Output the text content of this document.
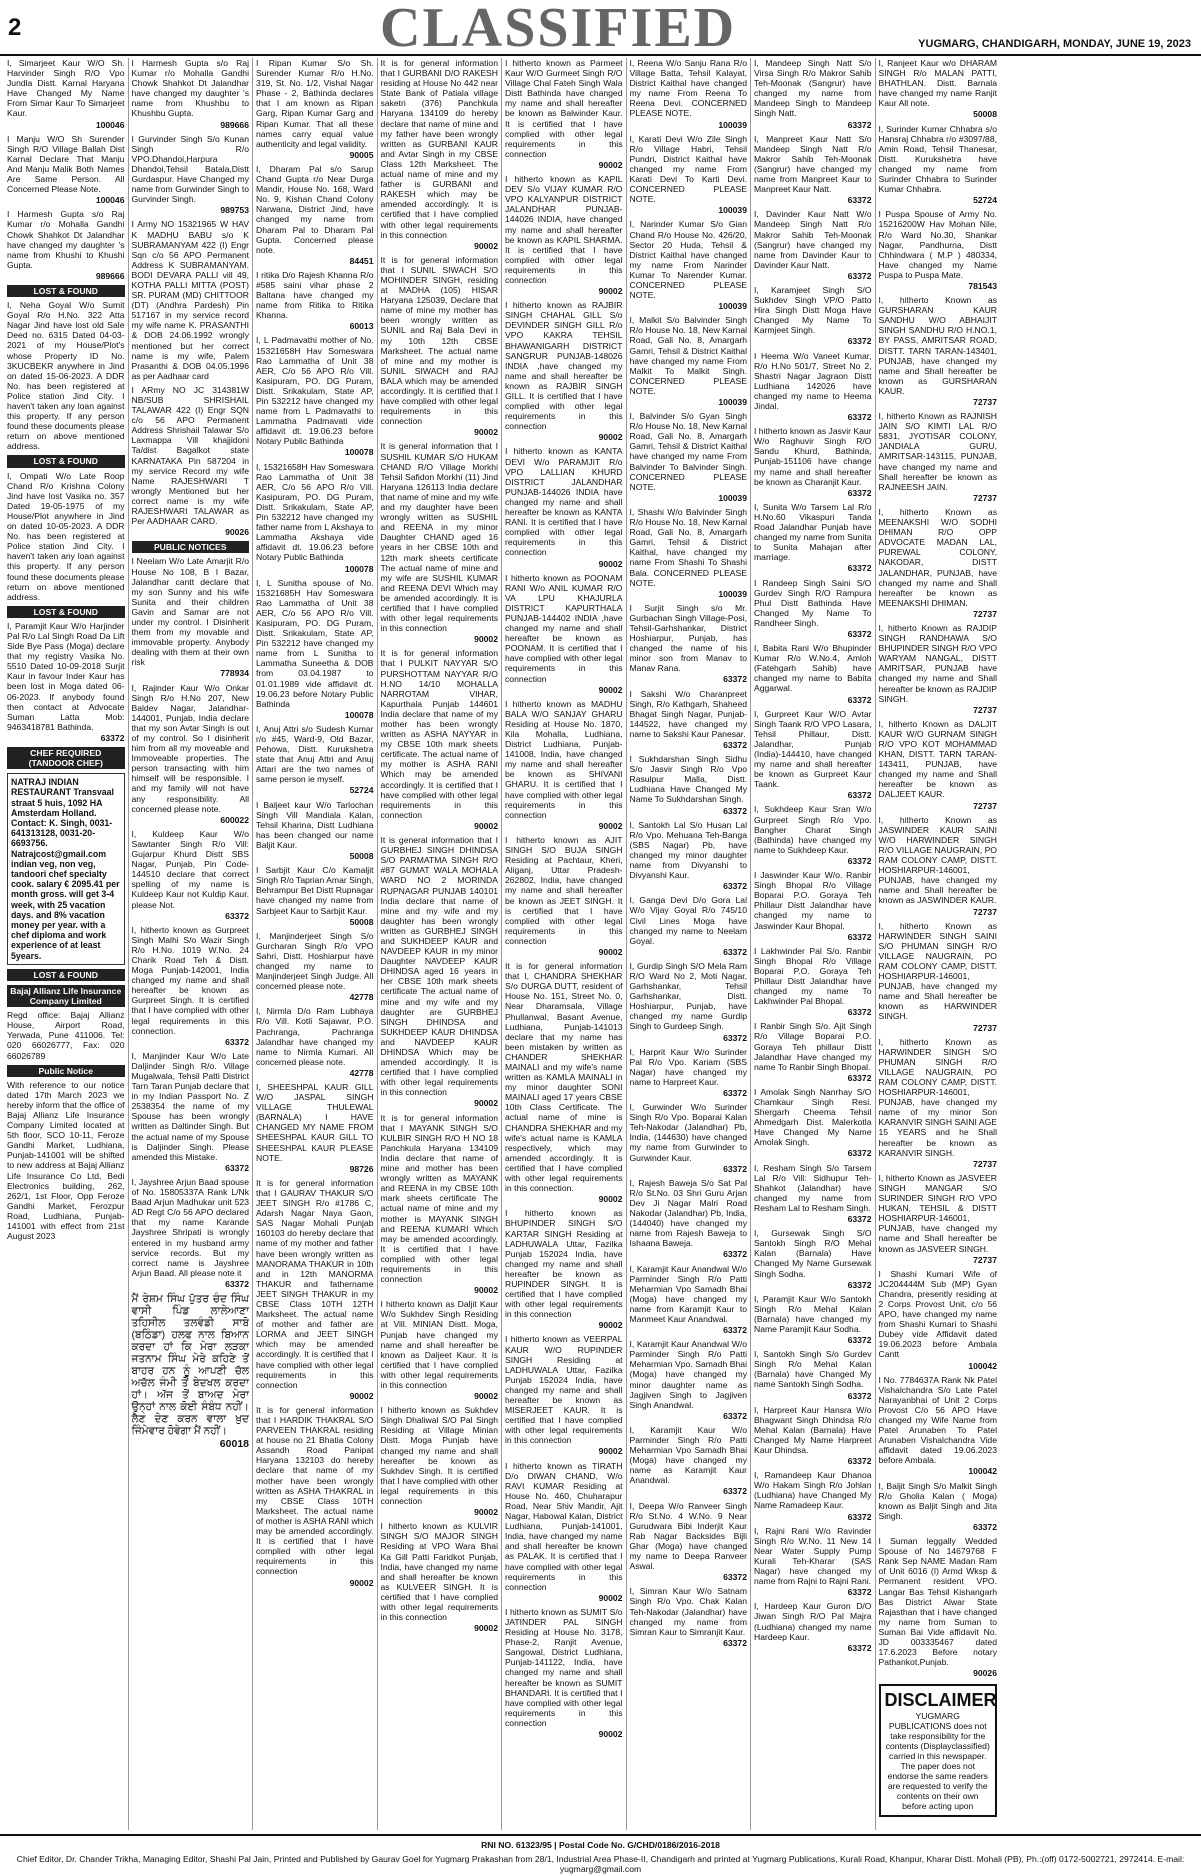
2	CLASSIFIED	YUGMARG, CHANDIGARH, MONDAY, JUNE 19, 2023
I, Simarjeet Kaur W/O Sh. Harvinder Singh R/O Vpo Jundla Distt. Karnal Haryana Have Changed My Name From Simar Kaur To Simarjeet Kaur.
100046
I Manju W/O Sh Surender Singh R/O Village Ballah Dist Karnal Declare That Manju And Manju Malik Both Names Are Same Person. All Concerned Please Note.
100046
I Harmesh Gupta s/o Raj Kumar r/o Mohalla Gandhi Chowk Shahkot Dt Jalandhar have changed my daughter 's name from Khushi to Khushi Gupta.
989666
LOST & FOUND
I, Neha Goyal W/o Sumit Goyal R/o H.No. 322 Atta Nagar Jind have lost old Sale Deed no. 6315 Dated 04-03-2021 of my House/Plot's whose Property ID No. 3KUCBEKR anywhere in Jind on dated 15-06-2023. A DDR No. has been registered at Police station Jind City. I haven't taken any loan against this property. If any person found these documents please return on above mentioned address.
LOST & FOUND
I, Ompati W/o Late Roop Chand R/o Krishna Colony Jind have lost Vasika no. 357 Dated 19-05-1975 of my House/Plot anywhere in Jind on dated 10-05-2023. A DDR No. has been registered at Police station Jind City. I haven't taken any loan against this property. If any person found these documents please return on above mentioned address.
LOST & FOUND
I, Paramjit Kaur W/o Harjinder Pal R/o Lal Singh Road Da Lift Side Bye Pass (Moga) declare that my registry Vasika No. 5510 Dated 10-09-2018 Surjit Kaur in favour Inder Kaur has been lost in Moga dated 06-06-2023. If anybody found then contact at Advocate Suman Latta Mob: 9463418781 Bathinda.
63372
CHEF REQUIRED (TANDOOR CHEF)
NATRAJ INDIAN RESTAURANT Transvaal straat 5 huis, 1092 HA Amsterdam Holland. Contact: K. Singh, 0031-641313128, 0031-20-6693756. Natrajcost@gmail.com indian veg, non veg, tandoori chef specialty cook. salary € 2095.41 per month gross. will get 3-4 week, with 25 vacation days. and 8% vacation money per year. with a chef diploma and work experience of at least 5years.
LOST & FOUND
Bajaj Allianz Life Insurance Company Limited
Regd office: Bajaj Allianz House, Airport Road, Yerwada, Pune 411006. Tel: 020 66026777, Fax: 020 66026789
Public Notice
With reference to our notice dated 17th March 2023 we hereby inform that the office of Bajaj Allianz Life Insurance Company Limited located at 5th floor, SCO 10-11, Feroze Gandhi Market, Ludhiana, Punjab-141001 will be shifted to new address at Bajaj Allianz Life Insurance Co Ltd, Bedi Electronics building, 262, 262/1, 1st Floor, Opp Feroze Gandhi Market, Ferozpur Road, Ludhiana, Punjab-141001 with effect from 21st August 2023
I Harmesh Gupta s/o Raj Kumar r/o Mohalla Gandhi Chowk Shahkot Dt Jalandhar have changed my daughter 's name from Khushbu to Khushbu Gupta.
989666
I Gurvinder Singh S/o Kunan Singh R/o VPO.Dhandoi,Harpura Dhandoi,Tehsil Batala,Distt Gurdaspur. Have Changed my name from Gurwinder Singh to Gurvinder Singh.
989753
I Army NO 15321965 W HAV K MADHU BABU s/o K SUBRAMANYAM 422 (I) Engr Sqn c/o 56 APO Permanent Address K SUBRAMANYAM. BODI DEVARA PALLI vill 49, KOTHA PALLI MITTA (POST) SR. PURAM (MD) CHITTOOR (DT) (Andhra Pardesh) Pin 517167 in my service record my wife name K. PRASANTHI & DOB 24.06.1992 wrongly mentioned but her correct name is my wife, Palem Prasanthi & DOB 04.05.1996 as per Aadhaar card
I ARmy NO JC 314381W NB/SUB SHRISHAIL TALAWAR 422 (I) Engr SQN c/o 56 APO Permanent Address Shrishail Talawar S/o Laxmappa Vill khajjidoni Ta/dist Bagalkot state KARNATAKA Pin 587204 in my service Record my wife Name RAJESHWARI T wrongly Mentioned but her correct name is my wife RAJESHWARI TALAWAR as Per AADHAAR CARD.
90026
PUBLIC NOTICES
I Neelam W/o Late Amarjit R/o House No 108, B I Bazar, Jalandhar cantt declare that my son Sunny and his wife Sunita and their children Gavin and Samar are not under my control. I Disinherit them from my movable and immovable property. Anybody dealing with them at their own risk
778934
I, Rajinder Kaur W/o Onkar Singh R/o H.No 207, New Baldev Nagar, Jalandhar-144001, Punjab, India declare that my son Avtar Singh is out of my control. So I disinherit him from all my moveable and Immoveable properties. The person transacting with him himself will be responsible. I and my family will not have any responsibility. All concerned please note.
600022
I, Kuldeep Kaur W/o Sawtanter Singh R/o Vill: Gujarpur Khurd Distt SBS Nagar, Punjab, Pin Code-144510 declare that correct spelling of my name is Kuldeep Kaur not Kuldip Kaur. please Not.
63372
I, hitherto known as Gurpreet Singh Malhi S/o Wazir Singh R/o H.No. 1019 W.No. 24 Charik Road Teh & Distt. Moga Punjab-142001, India changed my name and shall hereafter be known as Gurpreet Singh. It is certified that I have complied with other legal requirements in this connection.
63372
I, Manjinder Kaur W/o Late Daljinder Singh R/o. Village Mugalwala, Tehsil Patti District Tarn Taran Punjab declare that in my Indian Passport No. Z 2538354 the name of my Spouse has been wrongly written as Daltinder Singh. But the actual name of my Spouse is Daljinder Singh. Please amended this Mistake.
63372
I, Jayshree Arjun Baad spouse of No. 15805337A Rank L/Nk Baad Arjun Madhukar unit 523 AD Regt C/o 56 APO declared that my name Karande Jayshree Shripati is wrongly entered in my husband army service records. But my correct name is Jayshree Arjun Baad. All please note it
63372
ਮੈਂ ਰੇਸ਼ਮ ਸਿੰਘ ਪੁੱਤਰ ਚੰਦ ਸਿੰਘ ਵਾਸੀ ਪਿੰਡ ਲਾਲੇਆਣਾ ਤਹਿਸੀਲ ਤਲਵੰਡੀ ਸਾਬੋ (ਬਠਿੰਡਾ) ਹਲਫ ਨਾਲ ਬਿਆਨ ਕਰਦਾ ਹਾਂ ਕਿ ਮੇਰਾ ਲੜਕਾ ਜਤਨਾਮ ਸਿੰਘ ਮੇਰੇ ਕਹਿਣੇ ਤੋਂ ਬਾਹਰ ਹਨ ਨੂੰ ਆਪਣੀ ਚੱਲ ਅਚੱਲ ਜੰਮੀ ਤੋਂ ਬੇਦਖਲ ਕਰਦਾ ਹਾਂ। ਅੱਜ ਤੋਂ ਬਾਅਦ ਮੇਰਾ ਉਨ੍ਹਾਂ ਨਾਲ ਕੋਈ ਸੰਬੰਧ ਨਹੀਂ। ਲੈਣ ਦੇਣ ਕਰਨ ਵਾਲਾ ਖ਼ੁਦ ਜਿੰਮੇਵਾਰ ਹੋਵੇਗਾ ਮੈਂ ਨਹੀਂ।
60018
I Ripan Kumar S/o Sh. Surender Kumar R/o H.No. 319, St. No. 1/2, Vishal Nagar Phase - 2, Bathinda declares that I am known as Ripan Garg, Ripan Kumar Garg and Ripan Kumar. That all these names carry equal value authenticity and legal validity.
90005
I, Dharam Pal s/o Sarup Chand Gupta r/o Near Durga Mandir, House No. 168, Ward No. 9, Kishan Chand Colony Narwana, District Jind, have changed my name from Dharam Pal to Dharam Pal Gupta. Concerned please note.
84451
I ritika D/o Rajesh Khanna R/o #585 saini vihar phase 2 Baltana have changed my name from Ritika to Ritika Khanna.
60013
I, L Padmavathi mother of No. 15321658H Hav Someswara Rao Lammatha of Unit 38 AER, C/o 56 APO R/o Vill. Kasipuram, PO. DG Puram, Distt. Srikakulam, State AP, Pin 532212 have changed my name from L Padmavathi to Lammatha Padmavati vide affidavit dt. 19.06.23 before Notary Public Bathinda
100078
I, 15321658H Hav Someswara Rao Lammatha of Unit 38 AER, C/o 56 APO R/o Vill. Kasipuram, PO. DG Puram, Distt. Srikakulam, State AP, Pin 532212 have changed my father name from L Akshaya to Lammatha Akshaya vide affidavit dt. 19.06.23 before Notary Public Bathinda
100078
I, L Sunitha spouse of No. 15321685H Hav Someswara Rao Lammatha of Unit 38 AER, C/o 56 APO R/o Vill. Kasipuram, PO. DG Puram, Distt. Srikakulam, State AP, Pin 532212 have changed my name from L Sunitha to Lammatha Suneetha & DOB from 03.04.1987 to 01.01.1989 vide affidavit dt. 19.06.23 before Notary Public Bathinda
100078
I, Anuj Attri s/o Sudesh Kumar r/o #45, Ward-9, Old Bazar, Pehowa, Distt. Kurukshetra state that Anuj Attri and Anuj Attari are the two names of same person ie myself.
52724
I Baljeet kaur W/o Tarlochan Singh Vill Mandiala Kalan, Tehsil Kharina, Distt Ludhiana has been changed our name Baljit Kaur.
50008
I Sarbjit Kaur C/o Kamaljit Singh R/o Taprian Amar Singh, Behrampur Bet Distt Rupnagar have changed my name from Sarbjeet Kaur to Sarbjit Kaur.
50008
I, Manjinderjeet Singh S/o Gurcharan Singh R/o VPO Sahri, Distt. Hoshiarpur have changed my name to Manjinderjeet Singh Judge. All concerned please note.
42778
I, Nirmla D/o Ram Lubhaya R/o Vill. Kotli Sajawar, P.O. Pachranga, Pachranga Jalandhar have changed my name to Nirmla Kumari. All concerned please note.
42778
I, SHEESHPAL KAUR GILL W/O JASPAL SINGH VILLAGE THULEWAL (BARNALA) I HAVE CHANGED MY NAME FROM SHEESHPAL KAUR GILL TO SHEESHPAL KAUR PLEASE NOTE.
98726
It is for general information that I GAURAV THAKUR S/O JEET SINGH R/o #1786 C, Adarsh Nagar Naya Gaon, SAS Nagar Mohali Punjab 160103 do hereby declare that name of my mother and father have been wrongly written as MANORAMA THAKUR in 10th and in 12th MANORMA THAKUR and fathername JEET SINGH THAKUR in my CBSE Class 10TH 12TH Marksheet. The actual name of mother and father are LORMA and JEET SINGH which may be amended accordingly. It is certified that I have complied with other legal requirements in this connection
90002
It is for general information that I HARDIK THAKRAL S/O PARVEEN THAKRAL residing at house no 21 Bhatia Colony Assandh Road Panipat Haryana 132103 do hereby declare that name of my mother have been wrongly written as ASHA THAKRAL in my CBSE Class 10TH Marksheet. The actual name of mother is ASHA RANI which may be amended accordingly. It is certified that I have complied with other legal requirements in this connection
90002
It is for general information that I GURBANI D/O RAKESH residing at House No 442 near State Bank of Patiala village saketri (376) Panchkula Haryana 134109 do hereby declare that name of mine and my father have been wrongly written as GURBANI KAUR and Avtar Singh in my CBSE Class 12th Marksheet. The actual name of mine and my father is GURBANI and RAKESH which may be amended accordingly. It is certified that I have complied with other legal requirements in this connection
90002
It is for general information that I SUNIL SIWACH S/O MOHINDER SINGH, residing at MADHA (105) HISAR Haryana 125039, Declare that name of mine my mother has been wrongly written as SUNIL and Raj Bala Devi in my 10th 12th CBSE Marksheet. The actual name of mine and my mother is SUNIL SIWACH and RAJ BALA which may be amended accordingly. It is certified that I have complied with other legal requirements in this connection
90002
It is general information that I SUSHIL KUMAR S/O HUKAM CHAND R/O Village Morkhi Tehsil Safidon Morkhi (11) Jind Haryana 126113 India declare that name of mine and my wife and my daughter have been wrongly written as SUSHIL and REENA in my minor Daughter CHAND aged 16 years in her CBSE 10th and 12th mark sheets certificate The actual name of mine and my wife are SUSHIL KUMAR and REENA DEVI Which may be amended accordingly. It is certified that I have complied with other legal requirements in this connection
90002
It is for general information that I PULKIT NAYYAR S/O PURSHOTTAM NAYYAR R/O H.NO 14/10 MOHALLA NARROTAM VIHAR, Kapurthala Punjab 144601 India declare that name of my mother has been wrongly written as ASHA NAYYAR in my CBSE 10th mark sheets certificate. The actual name of my mother is ASHA RANI Which may be amended accordingly. It is certified that I have complied with other legal requirements in this connection
90002
It is general information that I GURBHEJ SINGH DHINDSA S/O PARMATMA SINGH R/O #87 GUMAT WALA MOHALA WARD NO 2 MORINDA RUPNAGAR PUNJAB 140101 India declare that name of mine and my wife and my daughter has been wrongly written as GURBHEJ SINGH and SUKHDEEP KAUR and NAVDEEP KAUR in my minor Daughter NAVDEEP KAUR DHINDSA aged 16 years in her CBSE 10th mark sheets certificate The actual name of mine and my wife and my daughter are GURBHEJ SINGH DHINDSA and SUKHDEEP KAUR DHINDSA and NAVDEEP KAUR DHINDSA Which may be amended accordingly. It is certified that I have complied with other legal requirements in this connection
90002
It is for general information that I MAYANK SINGH S/O KULBIR SINGH R/O H NO 18 Panchkula Haryana 134109 India declare that name of mine and mother has been wrongly written as MAYANK and REENA in my CBSE 10th mark sheets certificate The actual name of mine and my mother is MAYANK SINGH and REENA KUMARI Which may be amended accordingly. It is certified that I have complied with other legal requirements in this connection
90002
I hitherto known as Daljit Kaur W/o Sukhdev Singh Residing at Vill. MINIAN Distt. Moga, Punjab have changed my name and shall hereafter be known as Daljeet Kaur. It is certified that I have complied with other legal requirements in this connection
90002
I hitherto known as Sukhdev Singh Dhaliwal S/O Pal Singh Residing at Village Minian Distt. Moga Punjab have changed my name and shall hereafter be known as Sukhdev Singh. It is certified that I have complied with other legal requirements in this connection
90002
I hitherto known as KULVIR SINGH S/O MAJOR SINGH Residing at VPO Wara Bhai Ka Gill Patti Faridkot Punjab, India, have changed my name and shall hereafter be known as KULVEER SINGH. It is certified that I have complied with other legal requirements in this connection
90002
I hitherto known as Parmeet Kaur W/O Gurmeet Singh R/O Village Chal Fateh Singh Wala Distt Bathinda have changed my name and shall hereafter be known as Balwinder Kaur. It is certified that I have complied with other legal requirements in this connection
90002
I hitherto known as KAPIL DEV S/o VIJAY KUMAR R/O VPO KALYANPUR DISTRICT JALANDHAR PUNJAB-144026 INDIA, have changed my name and shall hereafter be known as KAPIL SHARMA. It is certified that I have complied with other legal requirements in this connection
90002
I hitherto known as RAJBIR SINGH CHAHAL GILL S/o DEVINDER SINGH GILL R/o VPO KAKRA TEHSIL BHAWANIGARH DISTRICT SANGRUR PUNJAB-148026 INDIA ,have changed my name and shall hereafter be known as RAJBIR SINGH GILL. It is certified that I have complied with other legal requirements in this connection
90002
I hitherto known as KANTA DEVI W/o PARAMJIT R/o VPO LALLIAN KHURD DISTRICT JALANDHAR PUNJAB-144026 INDIA have changed my name and shall hereafter be known as KANTA RANI. It is certified that I have complied with other legal requirements in this connection
90002
I hitherto known as POONAM RANI W/o ANIL KUMAR R/O VA LPU KHAJURLA DISTRICT KAPURTHALA PUNJAB-144402 INDIA ,have changed my name and shall hereafter be known as POONAM. It is certified that I have complied with other legal requirements in this connection
90002
I hitherto known as MADHU BALA W/O SANJAY GHARU Residing at House No. 1870, Kila Mohalla, Ludhiana, District Ludhiana, Punjab-141008, India, have changed my name and shall hereafter be known as SHIVANI GHARU. It is certified that I have complied with other legal requirements in this connection
90002
I hitherto known as AJIT SINGH S/O BUJA SINGH Residing at Pachtaur, Kheri, Aliganj, Uttar Pradesh-262802, India, have changed my name and shall hereafter be known as JEET SINGH. It is certified that I have complied with other legal requirements in this connection
90002
It is for general information that I, CHANDRA SHEKHAR S/o DURGA DUTT, resident of House No. 151, Street No. 0, Near Dharamsala, Village Phullanwal, Basant Avenue, Ludhiana, Punjab-141013 declare that my name has been mistaken by written as CHANDER SHEKHAR MAINALI and my wife's name written as KAMLA MAINALI in my minor daughter SONI MAINALI aged 17 years CBSE 10th Class Certificate. The actual name of mine is CHANDRA SHEKHAR and my wife's actual name is KAMLA respectively, which may amended accordingly. It is certified that I have complied with other legal requirements in this connection.
90002
I hitherto known as BHUPINDER SINGH S/O KARTAR SINGH Residing at LADHUWALA Uttar, Fazilka Punjab 152024 India, have changed my name and shall hereafter be known as RUPINDER SINGH. It is certified that I have complied with other legal requirements in this connection
90002
I hitherto known as VEERPAL KAUR W/O RUPINDER SINGH Residing at LADHUWALA Uttar, Fazilka Punjab 152024 India, have changed my name and shall hereafter be known as MISERJEET KAUR. It is certified that I have complied with other legal requirements in this connection
90002
I hitherto known as TIRATH D/o DIWAN CHAND, W/o RAVI KUMAR Residing at House No. 460, Chuharapur Road, Near Shiv Mandir, Ajit Nagar, Habowal Kalan, District Ludhiana, Punjab-141001, India, have changed my name and shall hereafter be known as PALAK. It is certified that I have complied with other legal requirements in this connection
90002
I hitherto known as SUMIT S/o JATINDER PAL SINGH Residing at House No. 3178, Phase-2, Ranjit Avenue, Sangowal, District Ludhiana, Punjab-141122, India, have changed my name and shall hereafter be known as SUMIT BHANDARI. It is certified that I have complied with other legal requirements in this connection
90002
I, Reena W/o Sanju Rana R/o Village Batta, Tehsil Kalayat, District Kaithal have changed my name From Reena To Reena Devi. CONCERNED PLEASE NOTE.
100039
I, Karati Devi W/o Zile Singh R/o Village Habri, Tehsil Pundri, District Kaithal have changed my name From Karati Devi To Karti Devi. CONCERNED PLEASE NOTE.
100039
I, Narinder Kumar S/o Gian Chand R/o House No. 426/20, Sector 20 Huda, Tehsil & District Kaithal have changed my name From Narinder Kumar To Narender Kumar. CONCERNED PLEASE NOTE.
100039
I, Malkit S/o Balvinder Singh R/o House No. 18, New Karnal Road, Gali No. 8, Amargarh Gamri, Tehsil & District Kaithal have changed my name From Malkit To Malkit Singh. CONCERNED PLEASE NOTE.
100039
I, Balvinder S/o Gyan Singh R/o House No. 18, New Karnal Road, Gali No. 8, Amargarh Gamri, Tehsil & District Kaithal have changed my name From Balvinder To Balvinder Singh. CONCERNED PLEASE NOTE.
100039
I, Shashi W/o Balvinder Singh R/o House No. 18, New Karnal Road, Gali No. 8, Amargarh Gamri, Tehsil & District Kaithal, have changed my name From Shashi To Shashi Bala. CONCERNED PLEASE NOTE.
100039
I Surjit Singh s/o Mr. Gurbachan Singh Village-Posi, Tehsil-Garhshankar, District Hoshiarpur, Punjab, has changed the name of his minor son from Manav to Manav Rana.
63372
I Sakshi W/o Charanpreet Singh, R/o Kathgarh, Shaheed Bhagat Singh Nagar, Punjab-144522, have changed my name to Sakshi Kaur Panesar.
63372
I Sukhdarshan Singh Sidhu S/o Jasvir Singh R/o Vpo Rasulpur Malla, Distt. Ludhiana Have Changed My Name To Sukhdarshan Singh.
63372
I, Santokh Lal S/o Husan Lal R/o Vpo. Mehuana Teh-Banga (SBS Nagar) Pb, have changed my minor daughter name from Divyanshi to Divyanshi Kaur.
63372
I, Ganga Devi D/o Gora Lal W/o Vijay Goyal R/o 745/10 Civil Lines Moga have changed my name to Neelam Goyal.
63372
I, Gurdip Singh S/O Mela Ram R/O Ward No 2, Moti Nagar, Garhshankar, Tehsil Garhshankar, Distt. Hoshiarpur, Punjab, have changed my name Gurdip Singh to Gurdeep Singh.
63372
I, Harprit Kaur W/o Surinder Pal R/o Vpo. Kariam (SBS Nagar) have changed my name to Harpreet Kaur.
63372
I, Gurwinder W/o Surinder Singh R/o Vpo. Boparai Kalan Teh-Nakodar (Jalandhar) Pb, India, (144630) have changed my name from Gurwinder to Gurwinder Kaur.
63372
I, Rajesh Baweja S/o Sat Pal R/o St.No. 03 Shri Guru Arjan Dev Ji Nagar Malri Road Nakodar (Jalandhar) Pb, India, (144040) have changed my name from Rajesh Baweja to Ishaana Baweja.
63372
I, Karamjit Kaur Anandwal W/o Parminder Singh R/o Patti Meharmian Vpo Samadh Bhai (Moga) have changed my name from Karamjit Kaur to Manmeet Kaur Anandwal.
63372
I, Karamjit Kaur Anandwal W/o Parminder Singh R/o Patti Meharmian Vpo. Samadh Bhai (Moga) have changed my minor daughter name as Jagjiven Singh to Jagjiven Singh Anandwal.
63372
I, Karamjit Kaur W/o Parminder Singh R/o Patti Meharmian Vpo Samadh Bhai (Moga) have changed my name as Karamjit Kaur Anandwal.
63372
I, Deepa W/o Ranveer Singh R/o St.No. 4 W.No. 9 Near Gurudwara Bibi Inderjit Kaur Rab Nagar Backsides Bijli Ghar (Moga) have changed my name to Deepa Ranveer Aswal.
63372
I, Simran Kaur W/o Satnam Singh R/o Vpo. Chak Kalan Teh-Nakodar (Jalandhar) have changed my name from Simran Kaur to Simranjit Kaur.
63372
I, Mandeep Singh Natt S/o Virsa Singh R/o Makror Sahib Teh-Moonak (Sangrur) have changed my name from Mandeep Singh to Mandeep Singh Natt.
63372
I, Manpreet Kaur Natt S/o Mandeep Singh Natt R/o Makror Sahib Teh-Moonak (Sangrur) have changed my name from Manpreet Kaur to Manpreet Kaur Natt.
63372
I, Davinder Kaur Natt W/o Mandeep Singh Natt R/o Makror Sahib Teh-Moonak (Sangrur) have changed my name from Davinder Kaur to Davinder Kaur Natt.
63372
I, Karamjeet Singh S/O Sukhdev Singh VP/O Patto Hira Singh Distt Moga Have Changed My Name To Karmjeet Singh.
63372
I Heema W/o Vaneet Kumar, R/o H.No 501/7, Street No 2, Shastri Nagar Jagraon Distt Ludhiana 142026 have changed my name to Heema Jindal.
63372
I hitherto known as Jasvir Kaur W/o Raghuvir Singh R/O Sandu Khurd, Bathinda, Punjab-151106 have change my name and shall hereafter be known as Charanjit Kaur.
63372
I, Sunita W/o Tarsem Lal R/o H.No.60 Vikaspuri Tanda Road Jalandhar Punjab have changed my name from Sunita to Sunita Mahajan after marriage.
63372
I Randeep Singh Saini S/O Gurdev Singh R/O Rampura Phul Distt Bathinda Have Changed My Name To Randheer Singh.
63372
I, Babita Rani W/o Bhupinder Kumar R/o W.No.4, Amloh (Fatehgarh Sahib) have changed my name to Babita Aggarwal.
63372
I, Gurpreet Kaur W/O Avtar Singh Taank R/O VPO Lasara, Tehsil Phillaur, Distt. Jalandhar, Punjab (India)-144410, have changed my name and shall hereafter be known as Gurpreet Kaur Taank.
63372
I, Sukhdeep Kaur Sran W/o Gurpreet Singh R/o Vpo. Bangher Charat Singh (Bathinda) have changed my name to Sukhdeep Kaur.
63372
I Jaswinder Kaur W/o. Ranbir Singh Bhopal R/o Village Boparai P.O. Goraya Teh Phillaur Distt Jalandhar have changed my name to Jaswinder Kaur Bhopal.
63372
I Lakhwinder Pal S/o. Ranbir Singh Bhopal R/o Village Boparai P.O. Goraya Teh Phillaur Distt Jalandhar have changed my name To Lakhwinder Pal Bhopal.
63372
I Ranbir Singh S/o. Ajit Singh R/o Village Boparai P.O. Goraya Teh phillaur Distt Jalandhar Have changed my name To Ranbir Singh Bhopal.
63372
I Amolak Singh Nanrhay S/O Chamkaur Singh Resi. Shergarh Cheema Tehsil Ahmedgarh Dist. Malerkotla Have Changed My Name Amolak Singh.
63372
I, Resham Singh S/o Tarsem Lal R/o Vill: Sidhupur Teh-Shahkot (Jalandhar) have changed my name from Resham Lal to Resham Singh.
63372
I, Gursewak Singh S/O Santokh Singh R/O Mehal Kalan (Barnala) Have Changed My Name Gursewak Singh Sodha.
63372
I, Paramjit Kaur W/o Santokh Singh R/o Mehal Kalan (Barnala) have changed my Name Paramjit Kaur Sodha.
63372
I, Santokh Singh S/o Gurdev Singh R/o Mehal Kalan (Barnala) have Changed My name Santokh Singh Sodha.
63372
I, Harpreet Kaur Hansra W/o Bhagwant Singh Dhindsa R/o Mehal Kalan (Barnala) Have Changed My Name Harpreet Kaur Dhindsa.
63372
I, Ramandeep Kaur Dhanoa W/o Hakam Singh R/o Johlan (Ludhiana) have Changed My Name Ramadeep Kaur.
63372
I, Rajni Rani W/o Ravinder Singh R/o W.No. 11 New 14 Near Water Supply Pump Kurali Teh-Kharar (SAS Nagar) have changed my name from Rajni to Rajni Rani.
63372
I, Hardeep Kaur Guron D/O Jiwan Singh R/O Pal Majra (Ludhiana) changed my name Hardeep Kaur.
63372
I, Ranjeet Kaur w/o DHARAM SINGH R/o MALAN PATTI, BHATHLAN. Distt. Barnala have changed my name Ranjit Kaur All note.
50008
I, Surinder Kumar Chhabra s/o Hansraj Chhabra r/o #3097/88, Amin Road, Tehsil Thanesar, Distt. Kurukshetra have changed my name from Surinder Chhabra to Surinder Kumar Chhabra.
52724
I Puspa Spouse of Army No. 15216200W Hav Mohan Nile, R/o Ward No.30, Shankar Nagar, Pandhurna, Distt Chhindwara ( M.P ) 480334, Have changed my Name Puspa to Puspa Mate.
781543
I, hitherto Known as GURSHARAN KAUR SANDHU W/O ABHAIJIT SINGH SANDHU R/O H.NO.1, BY PASS, AMRITSAR ROAD, DISTT. TARN TARAN-143401, PUNJAB, have changed my name and Shall hereafter be known as GURSHARAN KAUR.
72737
I, hitherto Known as RAJNISH JAIN S/O KIMTI LAL R/O 5831, JYOTISAR COLONY, JANDIALA GURU, AMRITSAR-143115, PUNJAB, have changed my name and Shall hereafter be known as RAJNEESH JAIN.
72737
I, hitherto Known as MEENAKSHI W/O SODHI DHIMAN R/O OPP ADVOCATE MADAN LAL, PUREWAL COLONY, NAKODAR, DISTT JALANDHAR, PUNJAB, have changed my name and Shall hereafter be known as MEENAKSHI DHIMAN.
72737
I, hitherto Known as RAJDIP SINGH RANDHAWA S/O BHUPINDER SINGH R/O VPO WARYAM NANGAL, DISTT AMRITSAR, PUNJAB have changed my name and Shall hereafter be known as RAJDIP SINGH.
72737
I, hitherto Known as DALJIT KAUR W/O GURNAM SINGH R/O VPO KOT MOHAMMAD KHAN, DISTT. TARN TARAN-143411, PUNJAB, have changed my name and Shall hereafter be known as DALJEET KAUR.
72737
I, hitherto Known as JASWINDER KAUR SAINI W/O HARWINDER SINGH R/O VILLAGE NAUGRAIN, PO RAM COLONY CAMP, DISTT. HOSHIARPUR-146001, PUNJAB, have changed my name and Shall hereafter be known as JASWINDER KAUR.
72737
I, hitherto Known as HARWINDER SINGH SAINI S/O PHUMAN SINGH R/O VILLAGE NAUGRAIN, PO RAM COLONY CAMP, DISTT. HOSHIARPUR-146001, PUNJAB, have changed my name and Shall hereafter be known as HARWINDER SINGH.
72737
I, hitherto Known as HARWINDER SINGH S/O PHUMAN SINGH R/O VILLAGE NAUGRAIN, PO RAM COLONY CAMP, DISTT. HOSHIARPUR-146001, PUNJAB, have changed my name of my minor Son KARANVIR SINGH SAINI AGE 15 YEARS and he Shall hereafter be known as KARANVIR SINGH.
72737
I, hitherto Known as JASVEER SINGH MANGAR S/O SURINDER SINGH R/O VPO HUKAN, TEHSIL & DISTT HOSHIARPUR-146001, PUNJAB, have changed my name and Shall hereafter be known as JASVEER SINGH.
72737
I Shashi Kumari Wife of JC204444M Sub (MP) Gyan Chandra, presently residing at 2 Corps Provost Unit, c/o 56 APO, have changed my name from Shashi Kumari to Shashi Dubey vide Affidavit dated 19.06.2023 before Ambala Cantt
100042
I No. 7784637A Rank Nk Patel Vishalchandra S/o Late Patel Narayanbhai of Unit 2 Corps Provost C/o 56 APO Have changed my Wife Name from Patel Arunaben To Patel Arunaben Vishalchandra Vide affidavit dated 19.06.2023 before Ambala.
100042
I, Baljit Singh S/o Malkit Singh R/o Gholia Kalan ( Moga) known as Baljit Singh and Jita Singh.
63372
I Suman leggally Wedded Spouse of No 14679768 F Rank Sep NAME Madan Ram of Unit 6016 (I) Armd Wksp & Permanent resident VPO. Langar Bas Tehsil Kishangarh Bas District Alwar State Rajasthan that i have changed my name from Suman to Suman Bai Vide affidavit No. JD 003335467 dated 17.6.2023 Before notary Pathankot,Punjab.
90026
DISCLAIMER
YUGMARG PUBLICATIONS does not take responsibility for the contents (Displayclassified) carried in this newspaper. The paper does not endorse the same readers are requested to verify the contents on their own before acting upon
RNI NO. 61323/95 | Postal Code No. G/CHD/0186/2016-2018
Chief Editor, Dr. Chander Trikha, Managing Editor, Shashi Pal Jain, Printed and Published by Gaurav Goel for Yugmarg Prakashan from 28/1, Industrial Area Phase-II, Chandigarh and printed at Yugmarg Publications, Kurali Road, Khanpur, Kharar Distt. Mohali (PB), Ph.:(off) 0172-5002721, 2972414. E-mail: yugmarg@gmail.com
